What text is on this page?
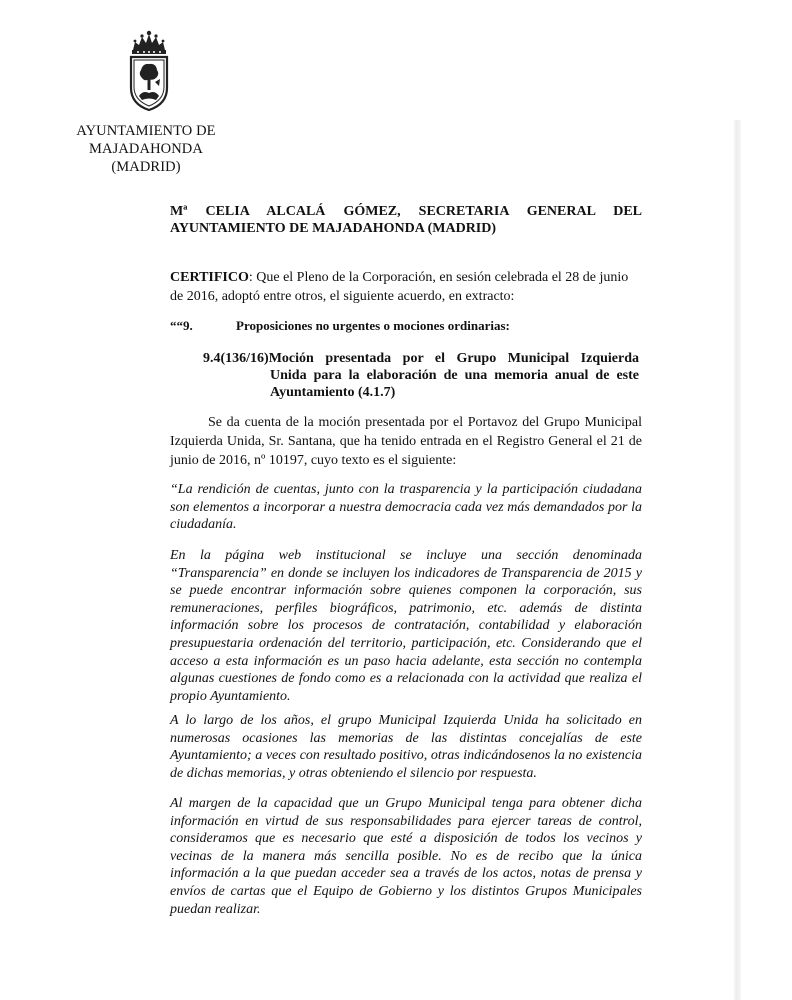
AYUNTAMIENTO DE
MAJADAHONDA
(MADRID)
Mª CELIA ALCALÁ GÓMEZ, SECRETARIA GENERAL DEL
AYUNTAMIENTO DE MAJADAHONDA (MADRID)
CERTIFICO: Que el Pleno de la Corporación, en sesión celebrada el 28 de junio de 2016, adoptó entre otros, el siguiente acuerdo, en extracto:
““9.	Proposiciones no urgentes o mociones ordinarias:
9.4(136/16)Moción presentada por el Grupo Municipal Izquierda
Unida para la elaboración de una memoria anual de este Ayuntamiento (4.1.7)

Se da cuenta de la moción presentada por el Portavoz del Grupo Municipal Izquierda Unida, Sr. Santana, que ha tenido entrada en el Registro General el 21 de junio de 2016, nº 10197, cuyo texto es el siguiente:

“La rendición de cuentas, junto con la trasparencia y la participación ciudadana son elementos a incorporar a nuestra democracia cada vez más demandados por la ciudadanía.

En la página web institucional se incluye una sección denominada “Transparencia” en donde se incluyen los indicadores de Transparencia de 2015 y se puede encontrar información sobre quienes componen la corporación, sus remuneraciones, perfiles biográficos, patrimonio, etc. además de distinta información sobre los procesos de contratación, contabilidad y elaboración presupuestaria ordenación del territorio, participación, etc. Considerando que el acceso a esta información es un paso hacia adelante, esta sección no contempla algunas cuestiones de fondo como es a relacionada con la actividad que realiza el propio Ayuntamiento.

A lo largo de los años, el grupo Municipal Izquierda Unida ha solicitado en numerosas ocasiones las memorias de las distintas concejalías de este Ayuntamiento; a veces con resultado positivo, otras indicándosenos la no existencia de dichas memorias, y otras obteniendo el silencio por respuesta.

Al margen de la capacidad que un Grupo Municipal tenga para obtener dicha información en virtud de sus responsabilidades para ejercer tareas de control, consideramos que es necesario que esté a disposición de todos los vecinos y vecinas de la manera más sencilla posible. No es de recibo que la única información a la que puedan acceder sea a través de los actos, notas de prensa y envíos de cartas que el Equipo de Gobierno y los distintos Grupos Municipales puedan realizar.
